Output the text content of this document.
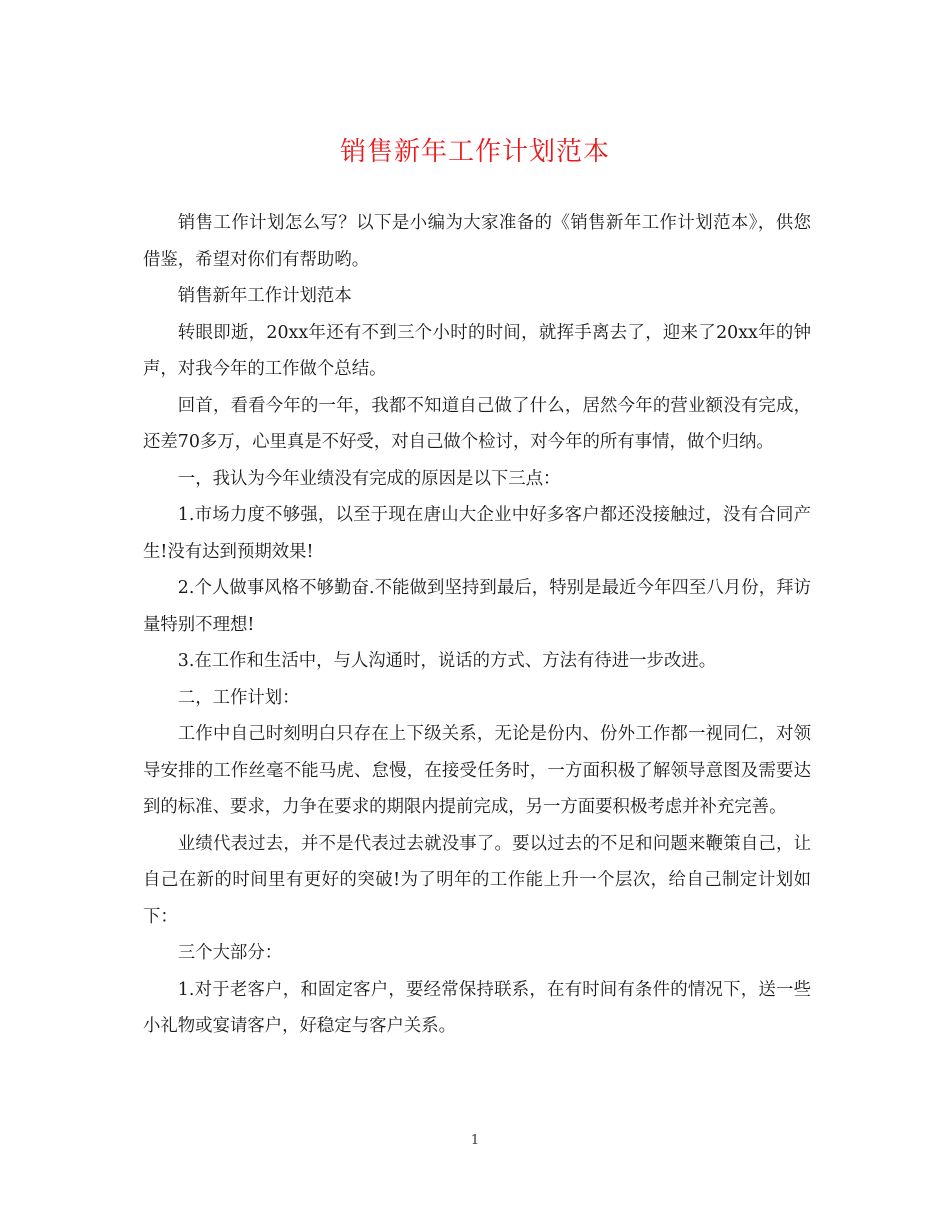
销售新年工作计划范本

销售工作计划怎么写？以下是小编为大家准备的《销售新年工作计划范本》，供您借鉴，希望对你们有帮助哟。

销售新年工作计划范本

转眼即逝，20xx年还有不到三个小时的时间，就挥手离去了，迎来了20xx年的钟声，对我今年的工作做个总结。

回首，看看今年的一年，我都不知道自己做了什么，居然今年的营业额没有完成，还差70多万，心里真是不好受，对自己做个检讨，对今年的所有事情，做个归纳。

一，我认为今年业绩没有完成的原因是以下三点：

1.市场力度不够强，以至于现在唐山大企业中好多客户都还没接触过，没有合同产生!没有达到预期效果!

2.个人做事风格不够勤奋.不能做到坚持到最后，特别是最近今年四至八月份，拜访量特别不理想!

3.在工作和生活中，与人沟通时，说话的方式、方法有待进一步改进。

二，工作计划：

工作中自己时刻明白只存在上下级关系，无论是份内、份外工作都一视同仁，对领导安排的工作丝毫不能马虎、怠慢，在接受任务时，一方面积极了解领导意图及需要达到的标准、要求，力争在要求的期限内提前完成，另一方面要积极考虑并补充完善。

业绩代表过去，并不是代表过去就没事了。要以过去的不足和问题来鞭策自己，让自己在新的时间里有更好的突破!为了明年的工作能上升一个层次，给自己制定计划如下：

三个大部分：

1.对于老客户，和固定客户，要经常保持联系，在有时间有条件的情况下，送一些小礼物或宴请客户，好稳定与客户关系。

1
